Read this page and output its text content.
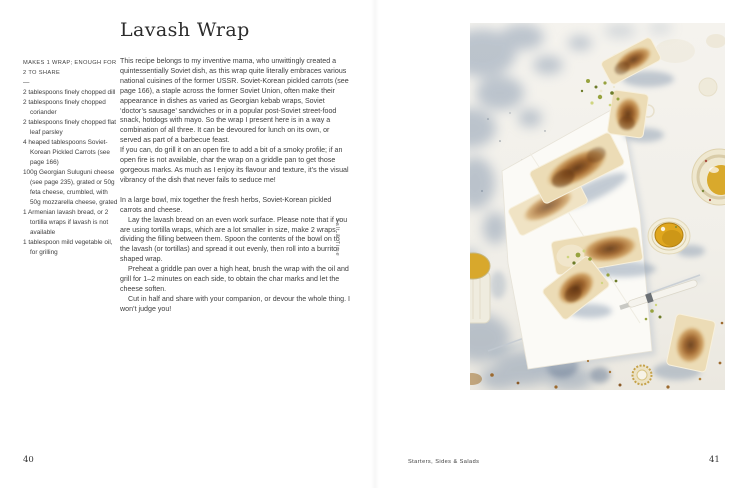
Lavash Wrap
MAKES 1 WRAP; ENOUGH FOR 2 TO SHARE
—
2 tablespoons finely chopped dill
2 tablespoons finely chopped coriander
2 tablespoons finely chopped flat leaf parsley
4 heaped tablespoons Soviet-Korean Pickled Carrots (see page 166)
100g Georgian Suluguni cheese (see page 235), grated or 50g feta cheese, crumbled, with 50g mozzarella cheese, grated
1 Armenian lavash bread, or 2 tortilla wraps if lavash is not available
1 tablespoon mild vegetable oil, for grilling

This recipe belongs to my inventive mama, who unwittingly created a quintessentially Soviet dish, as this wrap quite literally embraces various national cuisines of the former USSR. Soviet-Korean pickled carrots (see page 166), a staple across the former Soviet Union, often make their appearance in dishes as varied as Georgian kebab wraps, Soviet ‘doctor’s sausage’ sandwiches or in a popular post-Soviet street-food snack, hotdogs with mayo. So the wrap I present here is in a way a combination of all three. It can be devoured for lunch on its own, or served as part of a barbecue feast.

If you can, do grill it on an open fire to add a bit of a smoky profile; if an open fire is not available, char the wrap on a griddle pan to get those gorgeous marks. As much as I enjoy its flavour and texture, it’s the visual vibrancy of the dish that never fails to seduce me!

In a large bowl, mix together the fresh herbs, Soviet-Korean pickled carrots and cheese.

Lay the lavash bread on an even work surface. Please note that if you are using tortilla wraps, which are a lot smaller in size, make 2 wraps, dividing the filling between them. Spoon the contents of the bowl on to the lavash (or tortillas) and spread it out evenly, then roll into a burrito-shaped wrap.

Preheat a griddle pan over a high heat, brush the wrap with the oil and grill for 1–2 minutes on each side, to obtain the char marks and let the cheese soften.

Cut in half and share with your companion, or devour the whole thing. I won’t judge you!

Salt & Time
40	Starters, Sides & Salads	41
